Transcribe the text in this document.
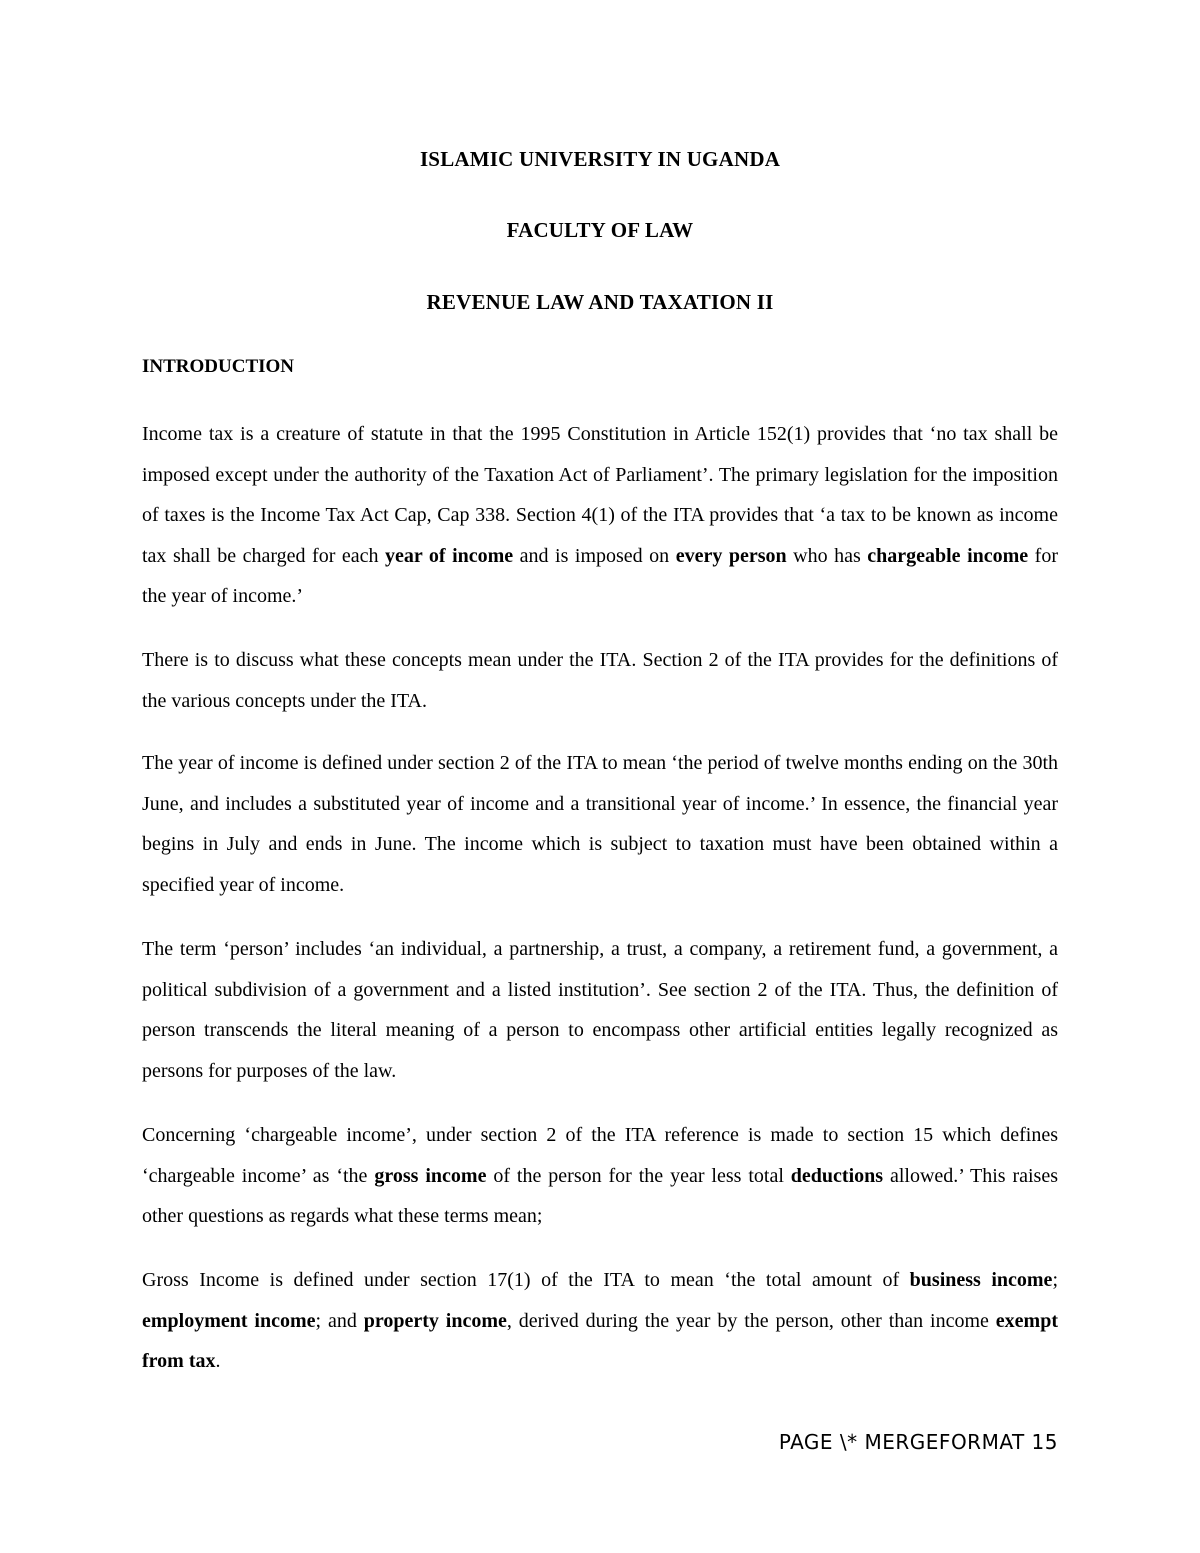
ISLAMIC UNIVERSITY IN UGANDA
FACULTY OF LAW
REVENUE LAW AND TAXATION II
INTRODUCTION
Income tax is a creature of statute in that the 1995 Constitution in Article 152(1) provides that ‘no tax shall be imposed except under the authority of the Taxation Act of Parliament’. The primary legislation for the imposition of taxes is the Income Tax Act Cap, Cap 338. Section 4(1) of the ITA provides that ‘a tax to be known as income tax shall be charged for each year of income and is imposed on every person who has chargeable income for the year of income.’
There is to discuss what these concepts mean under the ITA. Section 2 of the ITA provides for the definitions of the various concepts under the ITA.
The year of income is defined under section 2 of the ITA to mean ‘the period of twelve months ending on the 30th June, and includes a substituted year of income and a transitional year of income.’ In essence, the financial year begins in July and ends in June. The income which is subject to taxation must have been obtained within a specified year of income.
The term ‘person’ includes ‘an individual, a partnership, a trust, a company, a retirement fund, a government, a political subdivision of a government and a listed institution’. See section 2 of the ITA. Thus, the definition of person transcends the literal meaning of a person to encompass other artificial entities legally recognized as persons for purposes of the law.
Concerning ‘chargeable income’, under section 2 of the ITA reference is made to section 15 which defines ‘chargeable income’ as ‘the gross income of the person for the year less total deductions allowed.’ This raises other questions as regards what these terms mean;
Gross Income is defined under section 17(1) of the ITA to mean ‘the total amount of business income; employment income; and property income, derived during the year by the person, other than income exempt from tax.
PAGE \* MERGEFORMAT 15
